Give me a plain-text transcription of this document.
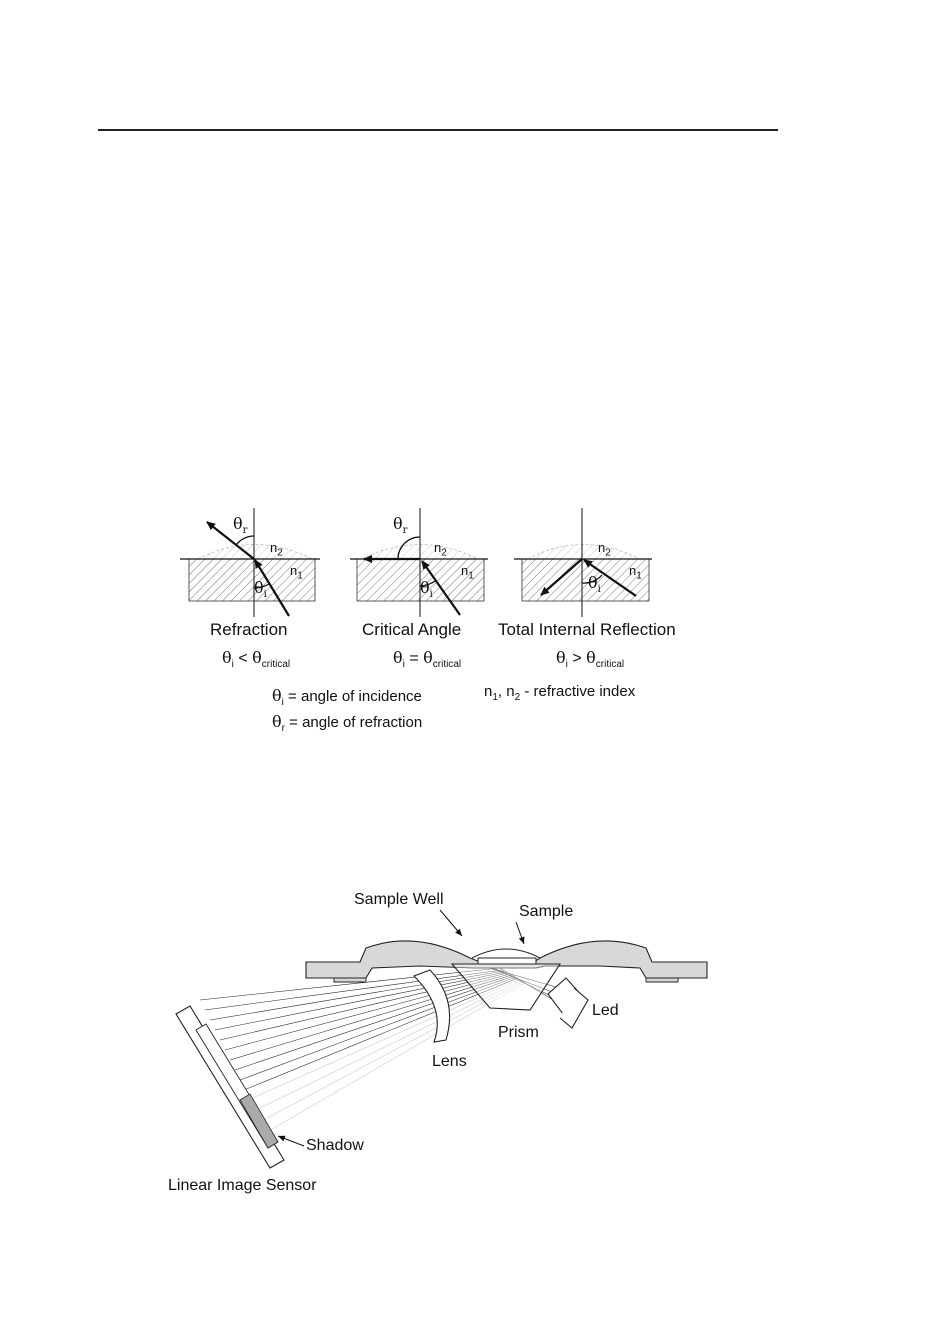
$\theta_r$
$n_2$
$n_1$
$\theta_i$
$\theta_r$
$n_2$
$n_1$
$\theta_i$
$n_2$
$n_1$
$\theta_i$
Refraction	Critical Angle Total Internal Reflection
$\theta_i < \theta_{critical}$	$\theta_i = \theta_{critical}$	$\theta_i > \theta_{critical}$
$\theta_i$ = angle of incidence
$\theta_r$ = angle of refraction
$n_1$, $n_2$ - refractive index
Sample Well
Sample
Led
Prism
Lens
Shadow
Linear Image Sensor
